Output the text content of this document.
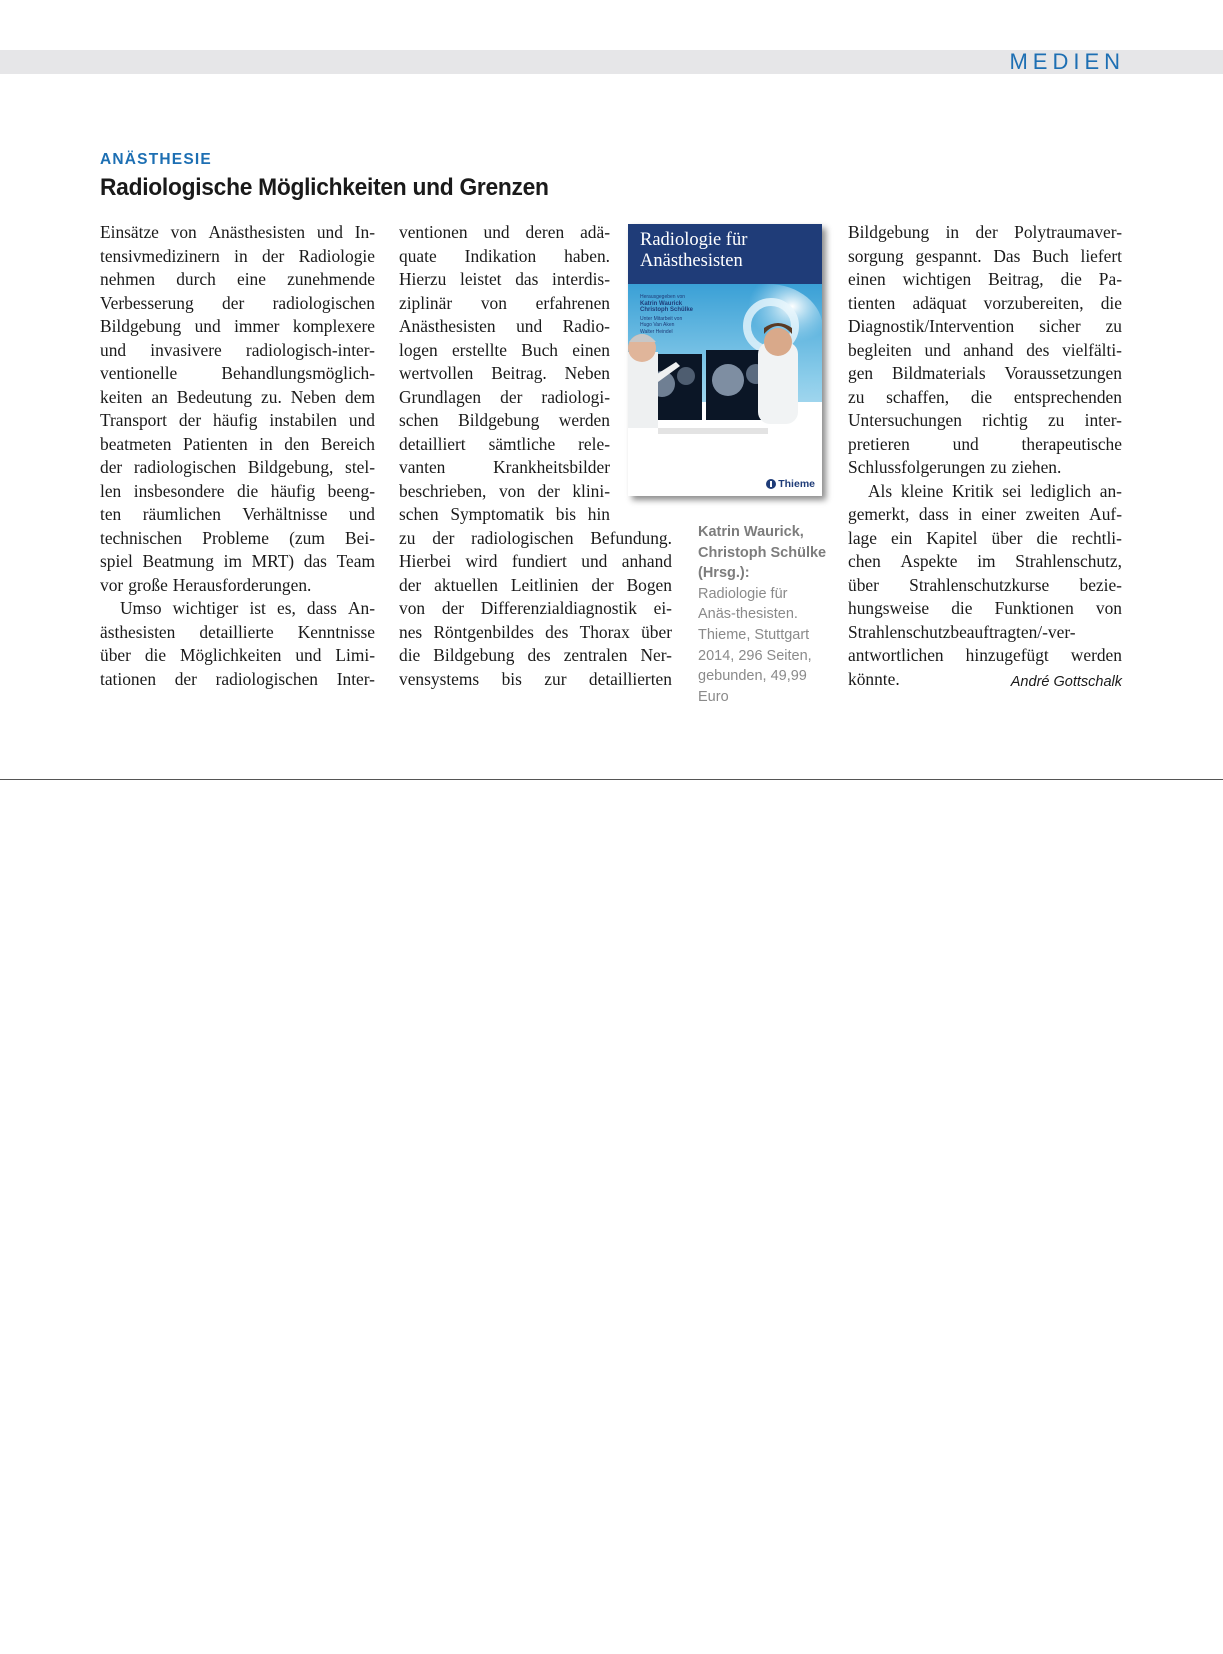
MEDIEN
ANÄSTHESIE
Radiologische Möglichkeiten und Grenzen
Einsätze von Anästhesisten und In-
tensivmedizinern in der Radiologie
nehmen durch eine zunehmende
Verbesserung der radiologischen
Bildgebung und immer komplexere
und invasivere radiologisch-inter-
ventionelle	Behandlungsmöglich-
keiten an Bedeutung zu. Neben dem
Transport der häufig instabilen und
beatmeten Patienten in den Bereich
der radiologischen Bildgebung, stel-
len insbesondere die häufig beeng-
ten räumlichen Verhältnisse und
technischen Probleme (zum Bei-
spiel Beatmung im MRT) das Team
vor große Herausforderungen.
Umso wichtiger ist es, dass An-
ästhesisten detaillierte Kenntnisse
über die Möglichkeiten und Limi-
tationen der radiologischen Inter-
ventionen und deren adä-
quate Indikation haben.
Hierzu leistet das interdis-
ziplinär von erfahrenen
Anästhesisten und Radio-
logen erstellte Buch einen
wertvollen Beitrag. Neben
Grundlagen der radiologi-
schen Bildgebung werden
detailliert sämtliche rele-
vanten	Krankheitsbilder
beschrieben, von der klini-
schen Symptomatik bis hin
zu der radiologischen Befundung.
Hierbei wird fundiert und anhand
der aktuellen Leitlinien der Bogen
von der Differenzialdiagnostik ei-
nes Röntgenbildes des Thorax über
die Bildgebung des zentralen Ner-
vensystems bis zur detaillierten
Bildgebung in der Polytraumaver-
sorgung gespannt. Das Buch liefert
einen wichtigen Beitrag, die Pa-
tienten adäquat vorzubereiten, die
Diagnostik/Intervention sicher zu
begleiten und anhand des vielfälti-
gen Bildmaterials Voraussetzungen
zu schaffen, die entsprechenden
Untersuchungen richtig zu inter-
pretieren und therapeutische
Schlussfolgerungen zu ziehen.
Als kleine Kritik sei lediglich an-
gemerkt, dass in einer zweiten Auf-
lage ein Kapitel über die rechtli-
chen Aspekte im Strahlenschutz,
über Strahlenschutzkurse bezie-
hungsweise die Funktionen von
Strahlenschutzbeauftragten/-ver-
antwortlichen hinzugefügt werden
könnte.	André Gottschalk
Radiologie für
Anästhesisten
Herausgegeben von
Katrin Waurick
Christoph Schülke
Unter Mitarbeit von
Hugo Van Aken
Walter Heindel
Thieme
Katrin Waurick, Christoph Schülke (Hrsg.):
Radiologie für Anäs-thesisten. Thieme, Stuttgart 2014, 296 Seiten, gebunden, 49,99 Euro
